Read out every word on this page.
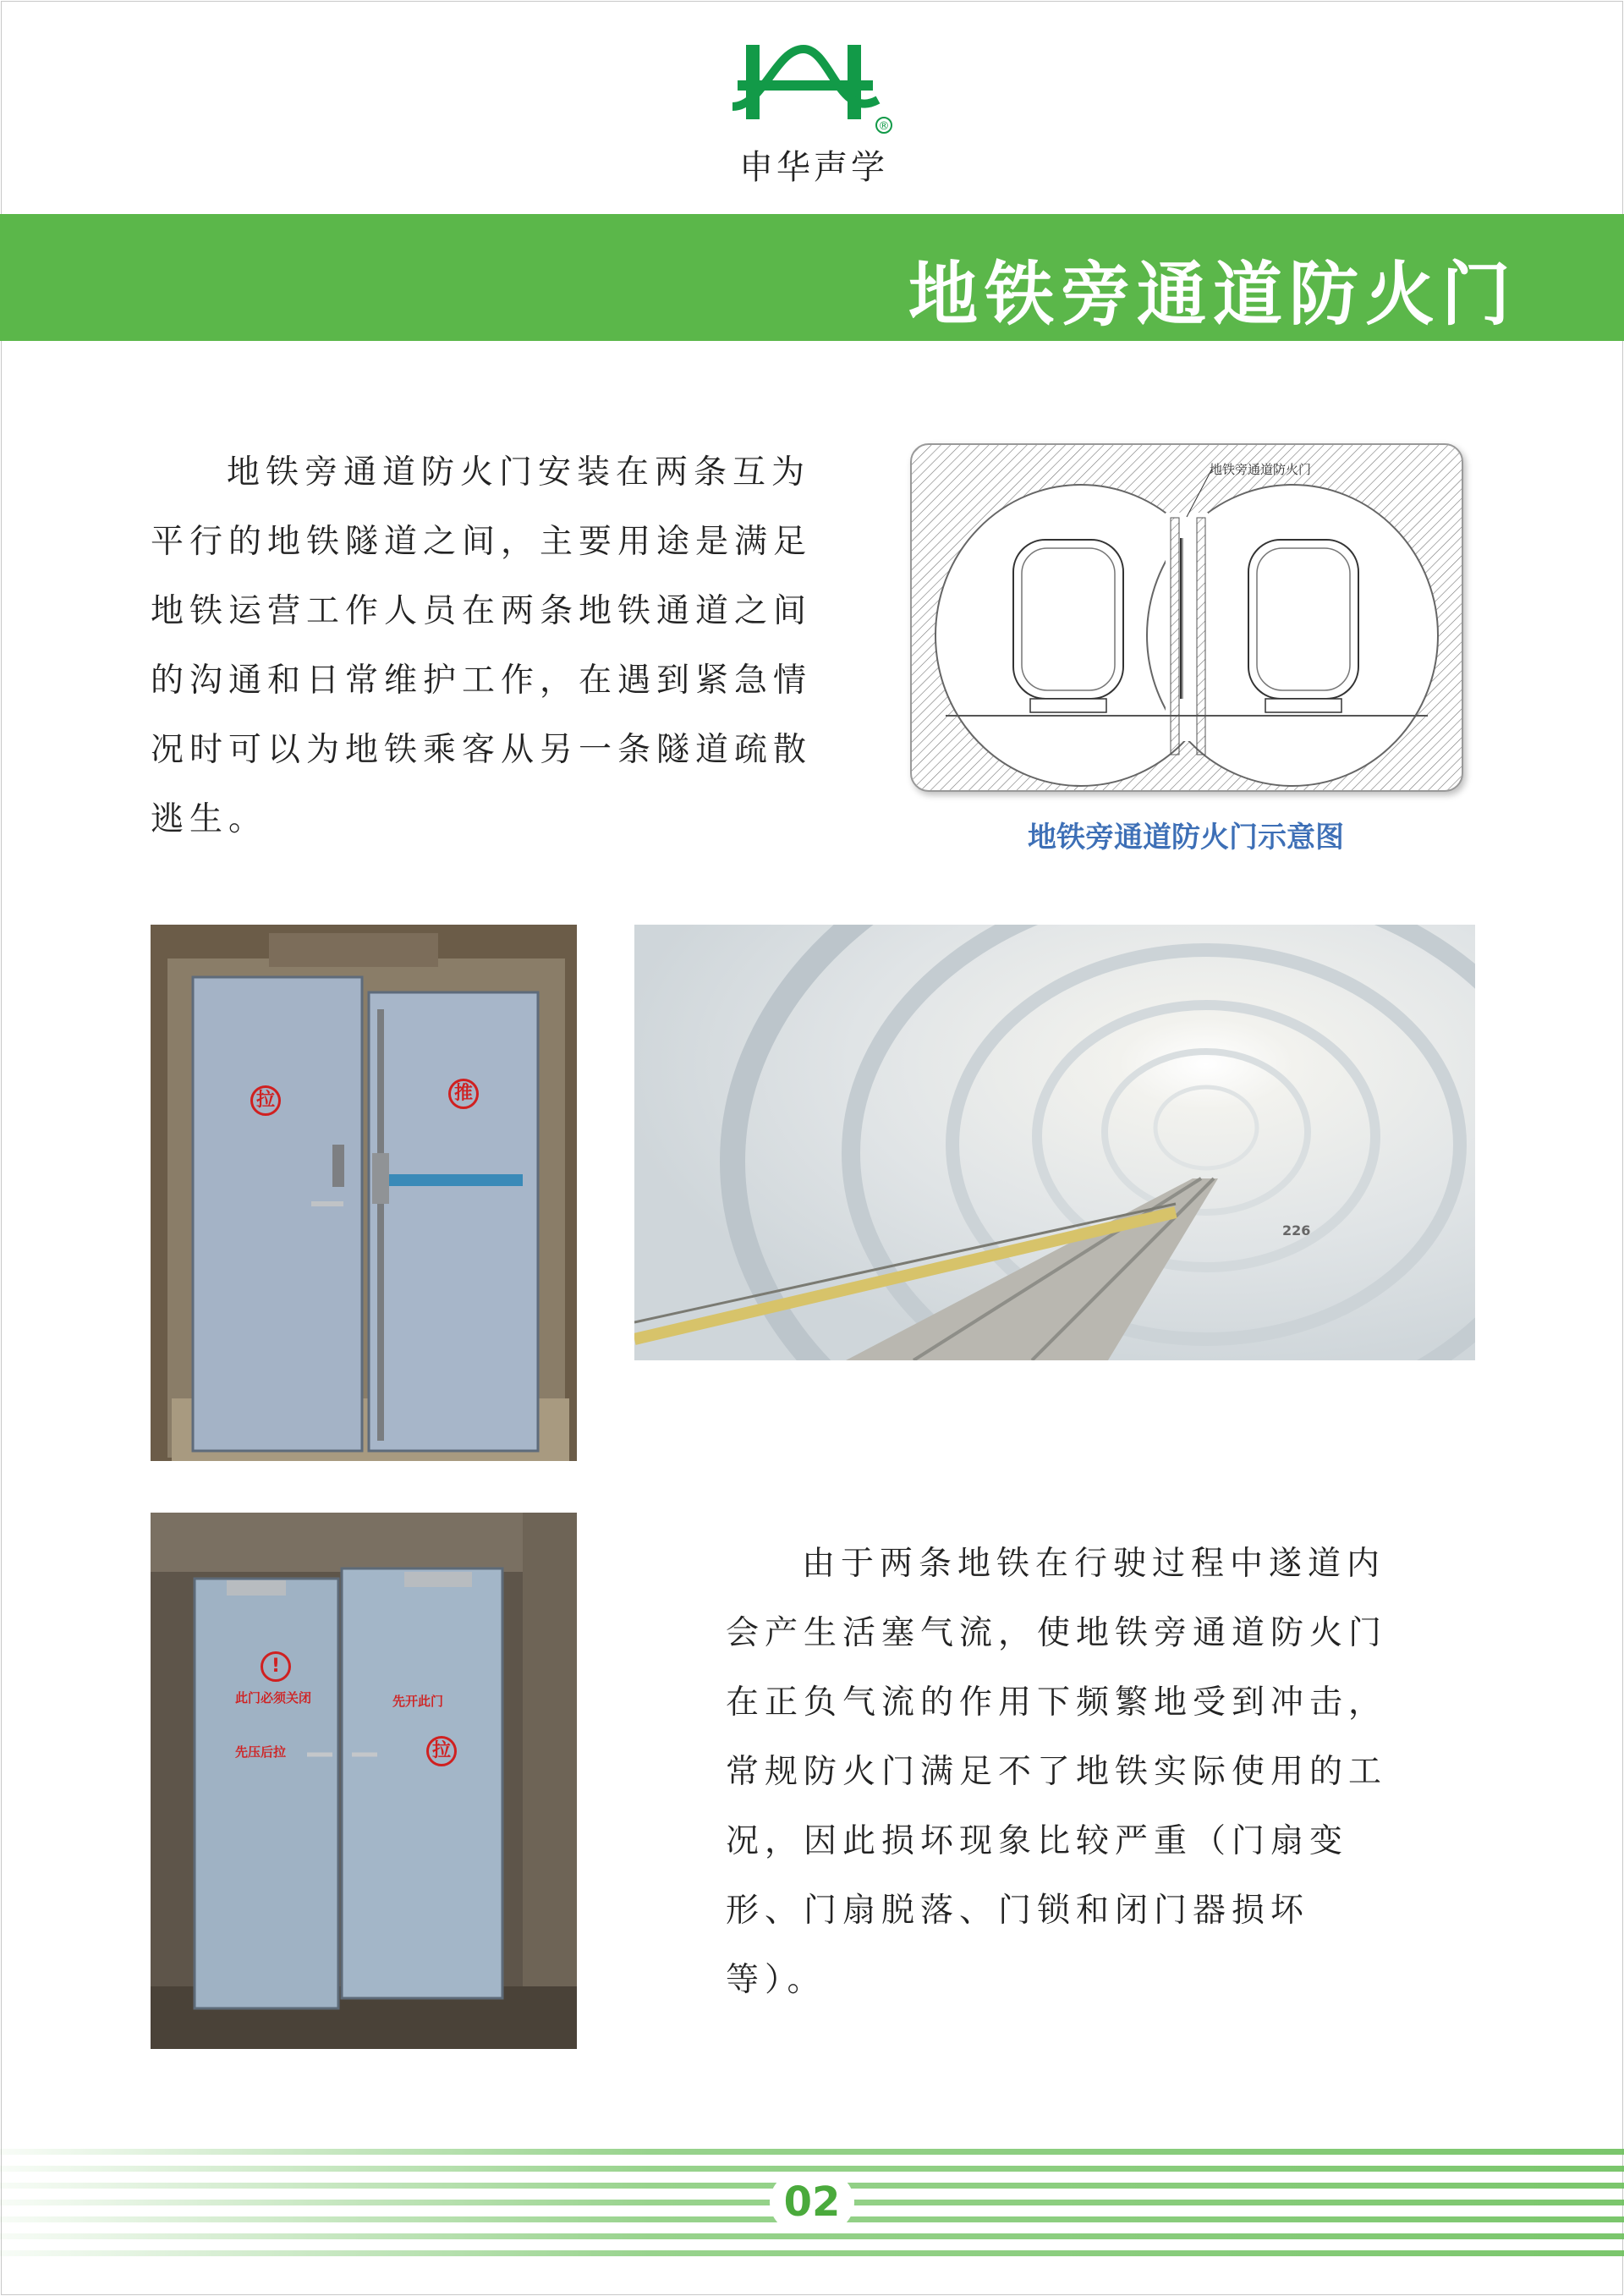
®
申华声学
地铁旁通道防火门

地铁旁通道防火门安装在两条互为平行的地铁隧道之间，主要用途是满足地铁运营工作人员在两条地铁通道之间的沟通和日常维护工作，在遇到紧急情况时可以为地铁乘客从另一条隧道疏散逃生。

地铁旁通道防火门
地铁旁通道防火门示意图
拉	推
226
!
此门必须关闭
先压后拉
先开此门
拉

由于两条地铁在行驶过程中遂道内会产生活塞气流，使地铁旁通道防火门在正负气流的作用下频繁地受到冲击，常规防火门满足不了地铁实际使用的工况，因此损坏现象比较严重（门扇变形、门扇脱落、门锁和闭门器损坏等）。

02
